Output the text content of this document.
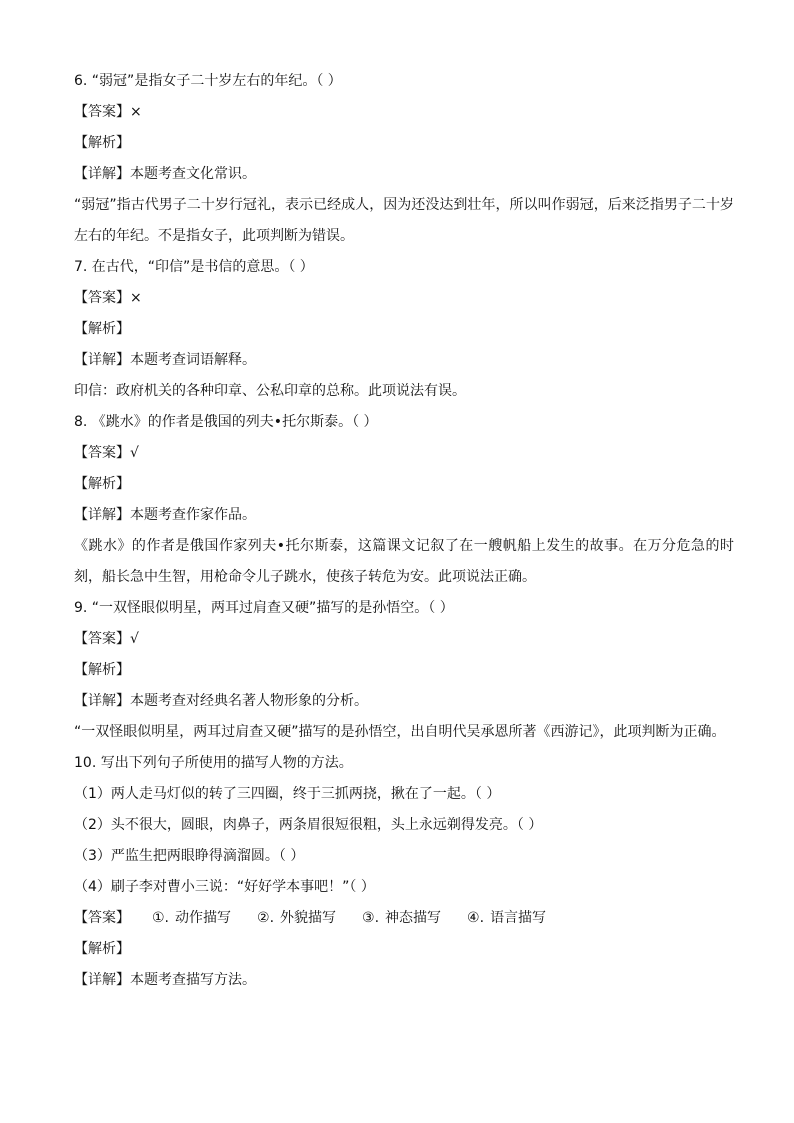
6. “弱冠”是指女子二十岁左右的年纪。（ ）
【答案】×
【解析】
【详解】本题考查文化常识。
“弱冠”指古代男子二十岁行冠礼，表示已经成人，因为还没达到壮年，所以叫作弱冠，后来泛指男子二十岁左右的年纪。不是指女子，此项判断为错误。
7. 在古代，“印信”是书信的意思。（ ）
【答案】×
【解析】
【详解】本题考查词语解释。
印信：政府机关的各种印章、公私印章的总称。此项说法有误。
8. 《跳水》的作者是俄国的列夫•托尔斯泰。（ ）
【答案】√
【解析】
【详解】本题考查作家作品。
《跳水》的作者是俄国作家列夫•托尔斯泰，这篇课文记叙了在一艘帆船上发生的故事。在万分危急的时刻，船长急中生智，用枪命令儿子跳水，使孩子转危为安。此项说法正确。
9. “一双怪眼似明星，两耳过肩查又硬”描写的是孙悟空。（ ）
【答案】√
【解析】
【详解】本题考查对经典名著人物形象的分析。
“一双怪眼似明星，两耳过肩查又硬”描写的是孙悟空，出自明代吴承恩所著《西游记》，此项判断为正确。
10. 写出下列句子所使用的描写人物的方法。
（1）两人走马灯似的转了三四圈，终于三抓两挠，揪在了一起。（ ）
（2）头不很大，圆眼，肉鼻子，两条眉很短很粗，头上永远剃得发亮。（ ）
（3）严监生把两眼睁得滴溜圆。（ ）
（4）刷子李对曹小三说：“好好学本事吧！”（ ）
【答案】	①. 动作描写 ②. 外貌描写 ③. 神态描写 ④. 语言描写
【解析】
【详解】本题考查描写方法。
